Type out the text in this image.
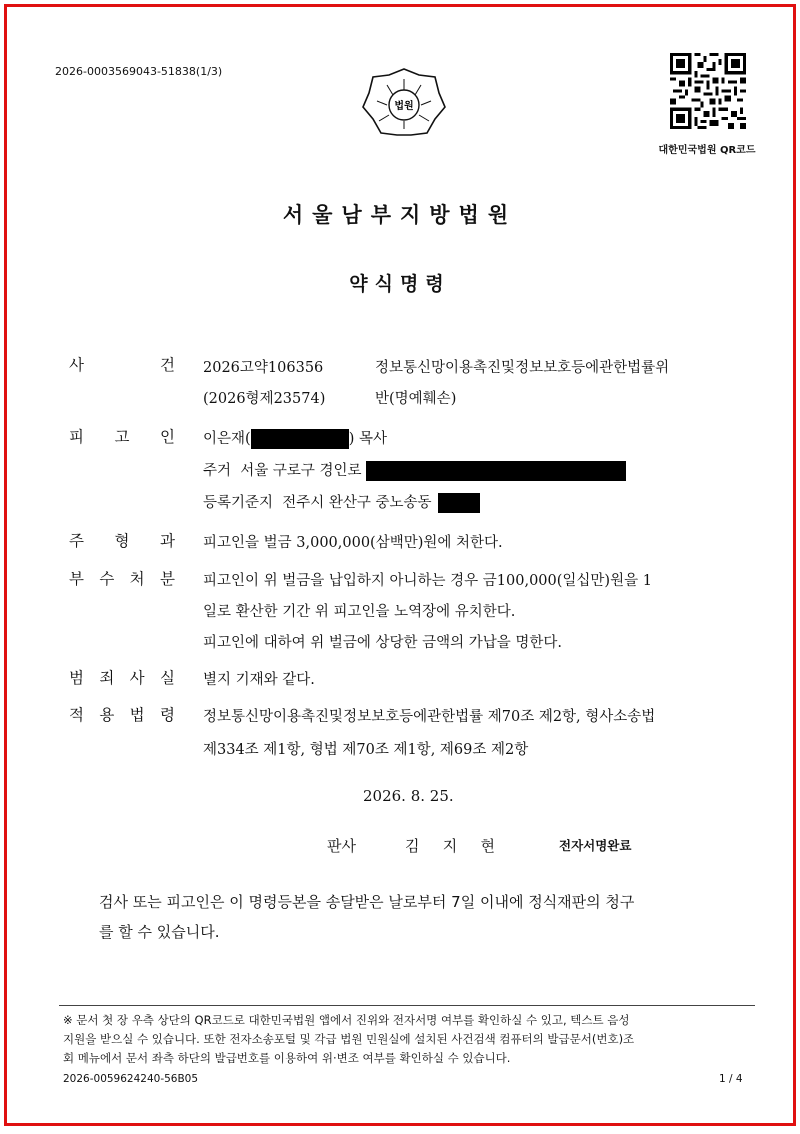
2026-0003569043-51838(1/3)
법원
대한민국법원 QR코드
서울남부지방법원
약식명령
사	건 2026고약106356
(2026형제23574)
정보통신망이용촉진및정보보호등에관한법률위
반(명예훼손)
피 고 인 이은재(	) 목사
주거 서울 구로구 경인로
등록기준지 전주시 완산구 중노송동
주 형 과 피고인을 벌금 3,000,000(삼백만)원에 처한다.
부 수 처 분 피고인이 위 벌금을 납입하지 아니하는 경우 금100,000(일십만)원을 1
일로 환산한 기간 위 피고인을 노역장에 유치한다.
피고인에 대하여 위 벌금에 상당한 금액의 가납을 명한다.
범 죄 사 실 별지 기재와 같다.
적 용 법 령 정보통신망이용촉진및정보보호등에관한법률 제70조 제2항, 형사소송법
제334조 제1항, 형법 제70조 제1항, 제69조 제2항
2026. 8. 25.
판사	김 지 현	전자서명완료
검사 또는 피고인은 이 명령등본을 송달받은 날로부터 7일 이내에 정식재판의 청구
를 할 수 있습니다.
※ 문서 첫 장 우측 상단의 QR코드로 대한민국법원 앱에서 진위와 전자서명 여부를 확인하실 수 있고, 텍스트 음성
지원을 받으실 수 있습니다. 또한 전자소송포털 및 각급 법원 민원실에 설치된 사건검색 컴퓨터의 발급문서(번호)조
회 메뉴에서 문서 좌측 하단의 발급번호를 이용하여 위·변조 여부를 확인하실 수 있습니다.
2026-0059624240-56B05	1 / 4
